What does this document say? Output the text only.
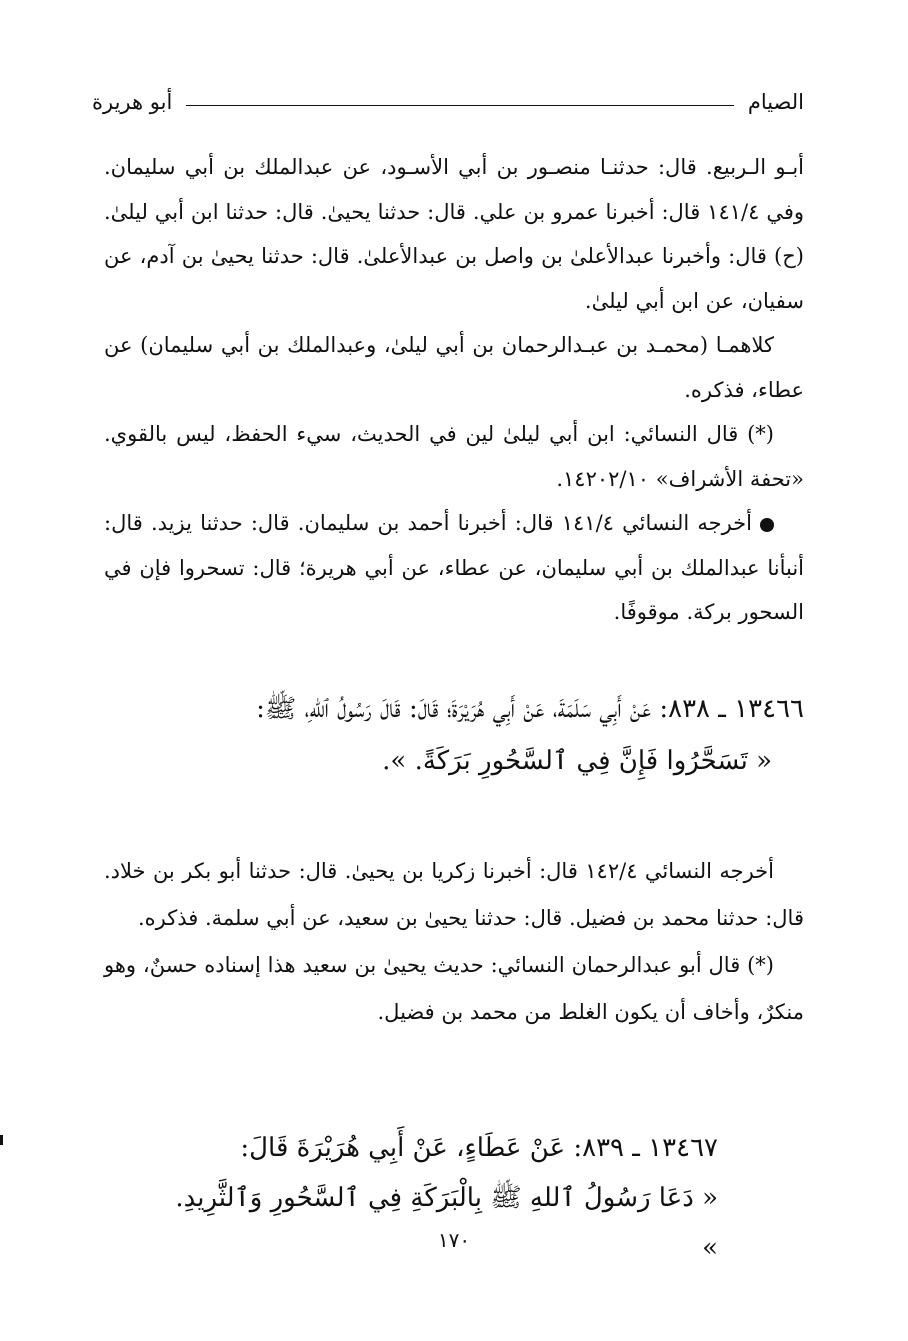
الصيام
أبو هريرة

أبـو الـربيع. قال: حدثنـا منصـور بن أبي الأسـود، عن عبدالملك بن أبي سليمان. وفي ١٤١/٤ قال: أخبرنا عمرو بن علي. قال: حدثنا يحيىٰ. قال: حدثنا ابن أبي ليلىٰ. (ح) قال: وأخبرنا عبدالأعلىٰ بن واصل بن عبدالأعلىٰ. قال: حدثنا يحيىٰ بن آدم، عن سفيان، عن ابن أبي ليلىٰ.

كلاهمـا (محمـد بن عبـدالرحمان بن أبي ليلىٰ، وعبدالملك بن أبي سليمان) عن عطاء، فذكره.

(*) قال النسائي: ابن أبي ليلىٰ لين في الحديث، سيء الحفظ، ليس بالقوي. «تحفة الأشراف» ١٤٢٠٢/١٠.

أخرجه النسائي ١٤١/٤ قال: أخبرنا أحمد بن سليمان. قال: حدثنا يزيد. قال: أنبأنا عبدالملك بن أبي سليمان، عن عطاء، عن أبي هريرة؛ قال: تسحروا فإن في السحور بركة. موقوفًا.

١٣٤٦٦ ـ ٨٣٨: عَنْ أَبِي سَلَمَةَ، عَنْ أَبِي هُرَيْرَةَ؛ قَالَ: قَالَ رَسُولُ ٱللهِ، ﷺ:
« تَسَحَّرُوا فَإِنَّ فِي ٱلسَّحُورِ بَرَكَةً. ».

أخرجه النسائي ١٤٢/٤ قال: أخبرنا زكريا بن يحيىٰ. قال: حدثنا أبو بكر بن خلاد. قال: حدثنا محمد بن فضيل. قال: حدثنا يحيىٰ بن سعيد، عن أبي سلمة. فذكره.

(*) قال أبو عبدالرحمان النسائي: حديث يحيىٰ بن سعيد هذا إسناده حسنٌ، وهو منكرٌ، وأخاف أن يكون الغلط من محمد بن فضيل.

١٣٤٦٧ ـ ٨٣٩: عَنْ عَطَاءٍ، عَنْ أَبِي هُرَيْرَةَ قَالَ:
« دَعَا رَسُولُ ٱللهِ ﷺ بِالْبَرَكَةِ فِي ٱلسَّحُورِ وَٱلثَّرِيدِ. »
١٧٠
